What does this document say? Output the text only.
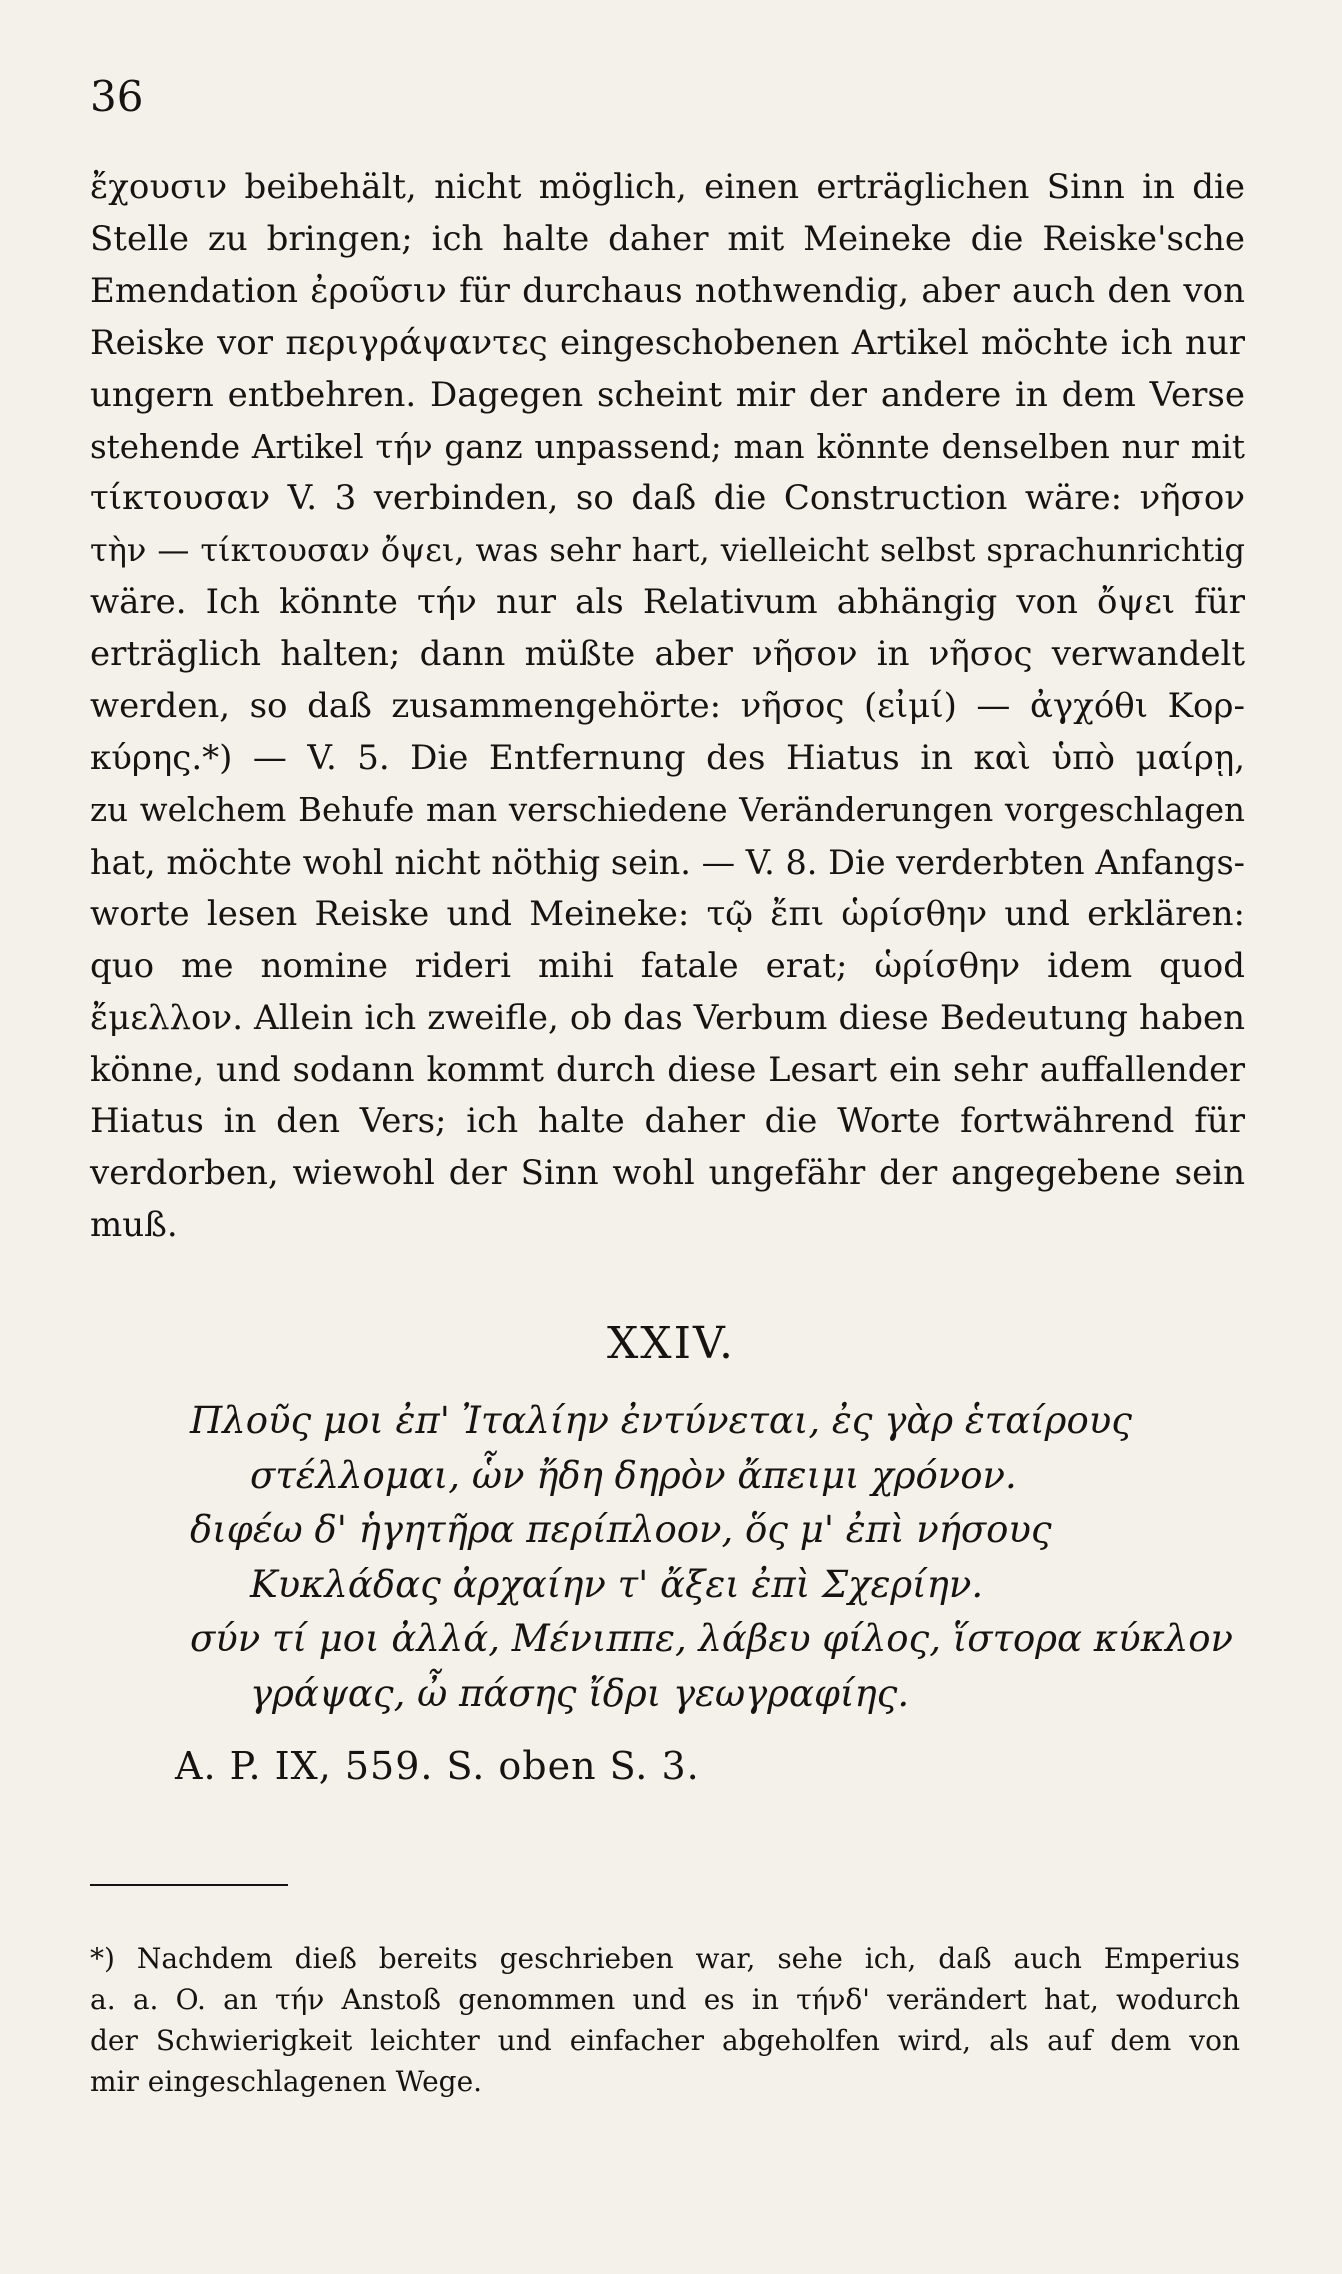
36
ἔχουσιν beibehält, nicht möglich, einen erträglichen Sinn in die
Stelle zu bringen; ich halte daher mit Meineke die Reiske'sche
Emendation ἐροῦσιν für durchaus nothwendig, aber auch den von
Reiske vor περιγράψαντες eingeschobenen Artikel möchte ich nur
ungern entbehren. Dagegen scheint mir der andere in dem Verse
stehende Artikel τήν ganz unpassend; man könnte denselben nur mit
τίκτουσαν V. 3 verbinden, so daß die Construction wäre: νῆσον
τὴν — τίκτουσαν ὄψει, was sehr hart, vielleicht selbst sprachunrichtig
wäre. Ich könnte τήν nur als Relativum abhängig von ὄψει für
erträglich halten; dann müßte aber νῆσον in νῆσος verwandelt
werden, so daß zusammengehörte: νῆσος (εἰμί) — ἀγχόθι Κορ-
κύρης.*) — V. 5. Die Entfernung des Hiatus in καὶ ὑπὸ μαίρῃ,
zu welchem Behufe man verschiedene Veränderungen vorgeschlagen
hat, möchte wohl nicht nöthig sein. — V. 8. Die verderbten Anfangs-
worte lesen Reiske und Meineke: τῷ ἔπι ὡρίσθην und erklären:
quo me nomine rideri mihi fatale erat; ὡρίσθην idem quod
ἔμελλον. Allein ich zweifle, ob das Verbum diese Bedeutung haben
könne, und sodann kommt durch diese Lesart ein sehr auffallender
Hiatus in den Vers; ich halte daher die Worte fortwährend für
verdorben, wiewohl der Sinn wohl ungefähr der angegebene sein
muß.
XXIV.
Πλοῦς μοι ἐπ' Ἰταλίην ἐντύνεται, ἐς γὰρ ἑταίρους
στέλλομαι, ὧν ἤδη δηρὸν ἄπειμι χρόνον.
διφέω δ' ἡγητῆρα περίπλοον, ὅς μ' ἐπὶ νήσους
Κυκλάδας ἀρχαίην τ' ἄξει ἐπὶ Σχερίην.
σύν τί μοι ἀλλά, Μένιππε, λάβευ φίλος, ἵστορα κύκλον
γράψας, ὦ πάσης ἴδρι γεωγραφίης.
A. P. IX, 559. S. oben S. 3.
*) Nachdem dieß bereits geschrieben war, sehe ich, daß auch Emperius
a. a. O. an τήν Anstoß genommen und es in τήνδ' verändert hat, wodurch
der Schwierigkeit leichter und einfacher abgeholfen wird, als auf dem von
mir eingeschlagenen Wege.
